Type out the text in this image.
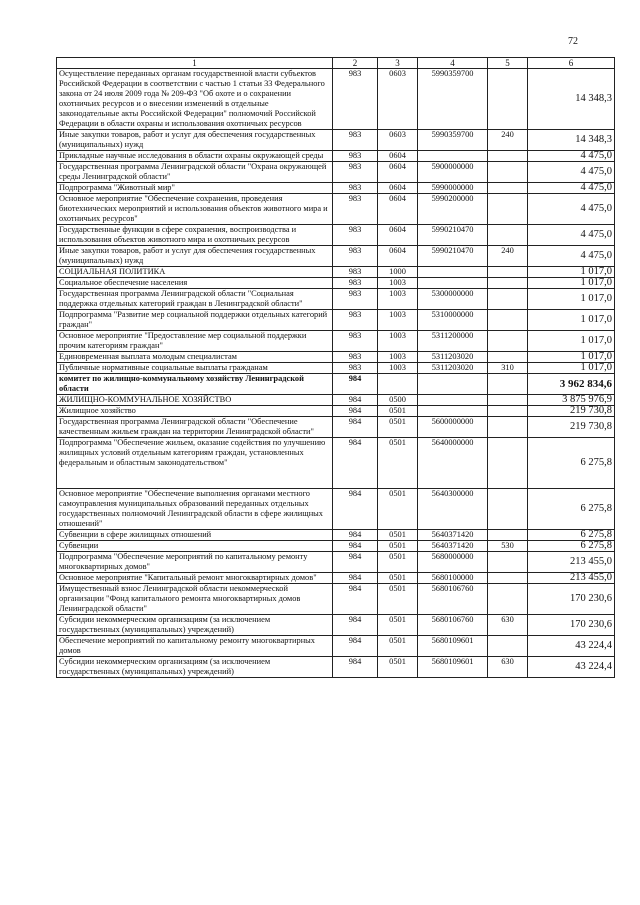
72
1	2	3	4	5	6
Осуществление переданных органам государственной власти субъектов Российской Федерации в соответствии с частью 1 статьи 33 Федерального закона от 24 июля 2009 года № 209-ФЗ "Об охоте и о сохранении охотничьих ресурсов и о внесении изменений в отдельные законодательные акты Российской Федерации" полномочий Российской Федерации в области охраны и использования охотничьих ресурсов	983	0603	5990359700		14 348,3
Иные закупки товаров, работ и услуг для обеспечения государственных (муниципальных) нужд	983	0603	5990359700	240	14 348,3
Прикладные научные исследования в области охраны окружающей среды	983	0604			4 475,0
Государственная программа Ленинградской области "Охрана окружающей среды Ленинградской области"	983	0604	5900000000		4 475,0
Подпрограмма "Животный мир"	983	0604	5990000000		4 475,0
Основное мероприятие "Обеспечение сохранения, проведения биотехнических мероприятий и использования объектов животного мира и охотничьих ресурсов"	983	0604	5990200000		4 475,0
Государственные функции в сфере сохранения, воспроизводства и использования объектов животного мира и охотничьих ресурсов	983	0604	5990210470		4 475,0
Иные закупки товаров, работ и услуг для обеспечения государственных (муниципальных) нужд	983	0604	5990210470	240	4 475,0
СОЦИАЛЬНАЯ ПОЛИТИКА	983	1000			1 017,0
Социальное обеспечение населения	983	1003			1 017,0
Государственная программа Ленинградской области "Социальная поддержка отдельных категорий граждан в Ленинградской области"	983	1003	5300000000		1 017,0
Подпрограмма "Развитие мер социальной поддержки отдельных категорий граждан"	983	1003	5310000000		1 017,0
Основное мероприятие "Предоставление мер социальной поддержки прочим категориям граждан"	983	1003	5311200000		1 017,0
Единовременная выплата молодым специалистам	983	1003	5311203020		1 017,0
Публичные нормативные социальные выплаты гражданам	983	1003	5311203020	310	1 017,0
комитет по жилищно-коммунальному хозяйству Ленинградской области	984				3 962 834,6
ЖИЛИЩНО-КОММУНАЛЬНОЕ ХОЗЯЙСТВО	984	0500			3 875 976,9
Жилищное хозяйство	984	0501			219 730,8
Государственная программа Ленинградской области "Обеспечение качественным жильем граждан на территории Ленинградской области"	984	0501	5600000000		219 730,8
Подпрограмма "Обеспечение жильем, оказание содействия по улучшению жилищных условий отдельным категориям граждан, установленных федеральным и областным законодательством"	984	0501	5640000000		6 275,8
Основное мероприятие "Обеспечение выполнения органами местного самоуправления муниципальных образований переданных отдельных государственных полномочий Ленинградской области в сфере жилищных отношений"	984	0501	5640300000		6 275,8
Субвенции в сфере жилищных отношений	984	0501	5640371420		6 275,8
Субвенции	984	0501	5640371420	530	6 275,8
Подпрограмма "Обеспечение мероприятий по капитальному ремонту многоквартирных домов"	984	0501	5680000000		213 455,0
Основное мероприятие "Капитальный ремонт многоквартирных домов"	984	0501	5680100000		213 455,0
Имущественный взнос Ленинградской области некоммерческой организации "Фонд капитального ремонта многоквартирных домов Ленинградской области"	984	0501	5680106760		170 230,6
Субсидии некоммерческим организациям (за исключением государственных (муниципальных) учреждений)	984	0501	5680106760	630	170 230,6
Обеспечение мероприятий по капитальному ремонту многоквартирных домов	984	0501	5680109601		43 224,4
Субсидии некоммерческим организациям (за исключением государственных (муниципальных) учреждений)	984	0501	5680109601	630	43 224,4
